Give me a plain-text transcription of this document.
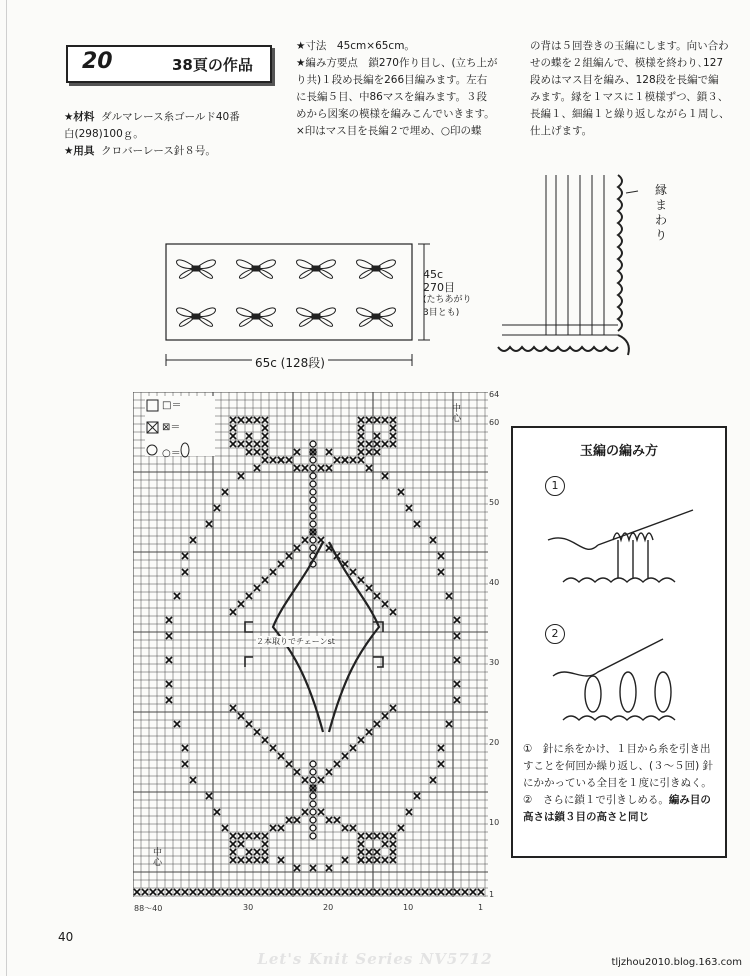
20	38頁の作品
★材料 ダルマレース糸ゴールド40番
白(298)100ｇ。
★用具 クロバーレース針８号。
★寸法　45cm×65cm。
★編み方要点　鎖270作り目し、(立ち上が
り共)１段め長編を266目編みます。左右
に長編５目、中86マスを編みます。３段
めから図案の模様を編みこんでいきます。
×印はマス目を長編２で埋め、○印の蝶
の背は５回巻きの玉編にします。向い合わ
せの蝶を２組編んで、模様を終わり､127
段めはマス目を編み、128段を長編で編
みます。縁を１マスに１模様ずつ、鎖３、
長編１、細編１と繰り返しながら１周し、
仕上げます。
縁まわり
45c
270目
(たちあがり
3目とも)
65c (128段)
□＝
⊠＝
○＝
２本取りでチェーンst
中心
中心
64
60
50
40
30
20
10
1
88〜40	30	20	10	1
玉編の編み方
1
2
①　針に糸をかけ、１目から糸を引き出すことを何回か繰り返し、(３〜５回) 針にかかっている全目を１度に引きぬく。②　さらに鎖１で引きしめる。編み目の高さは鎖３目の高さと同じ
40
Let's Knit Series NV5712	tljzhou2010.blog.163.com
